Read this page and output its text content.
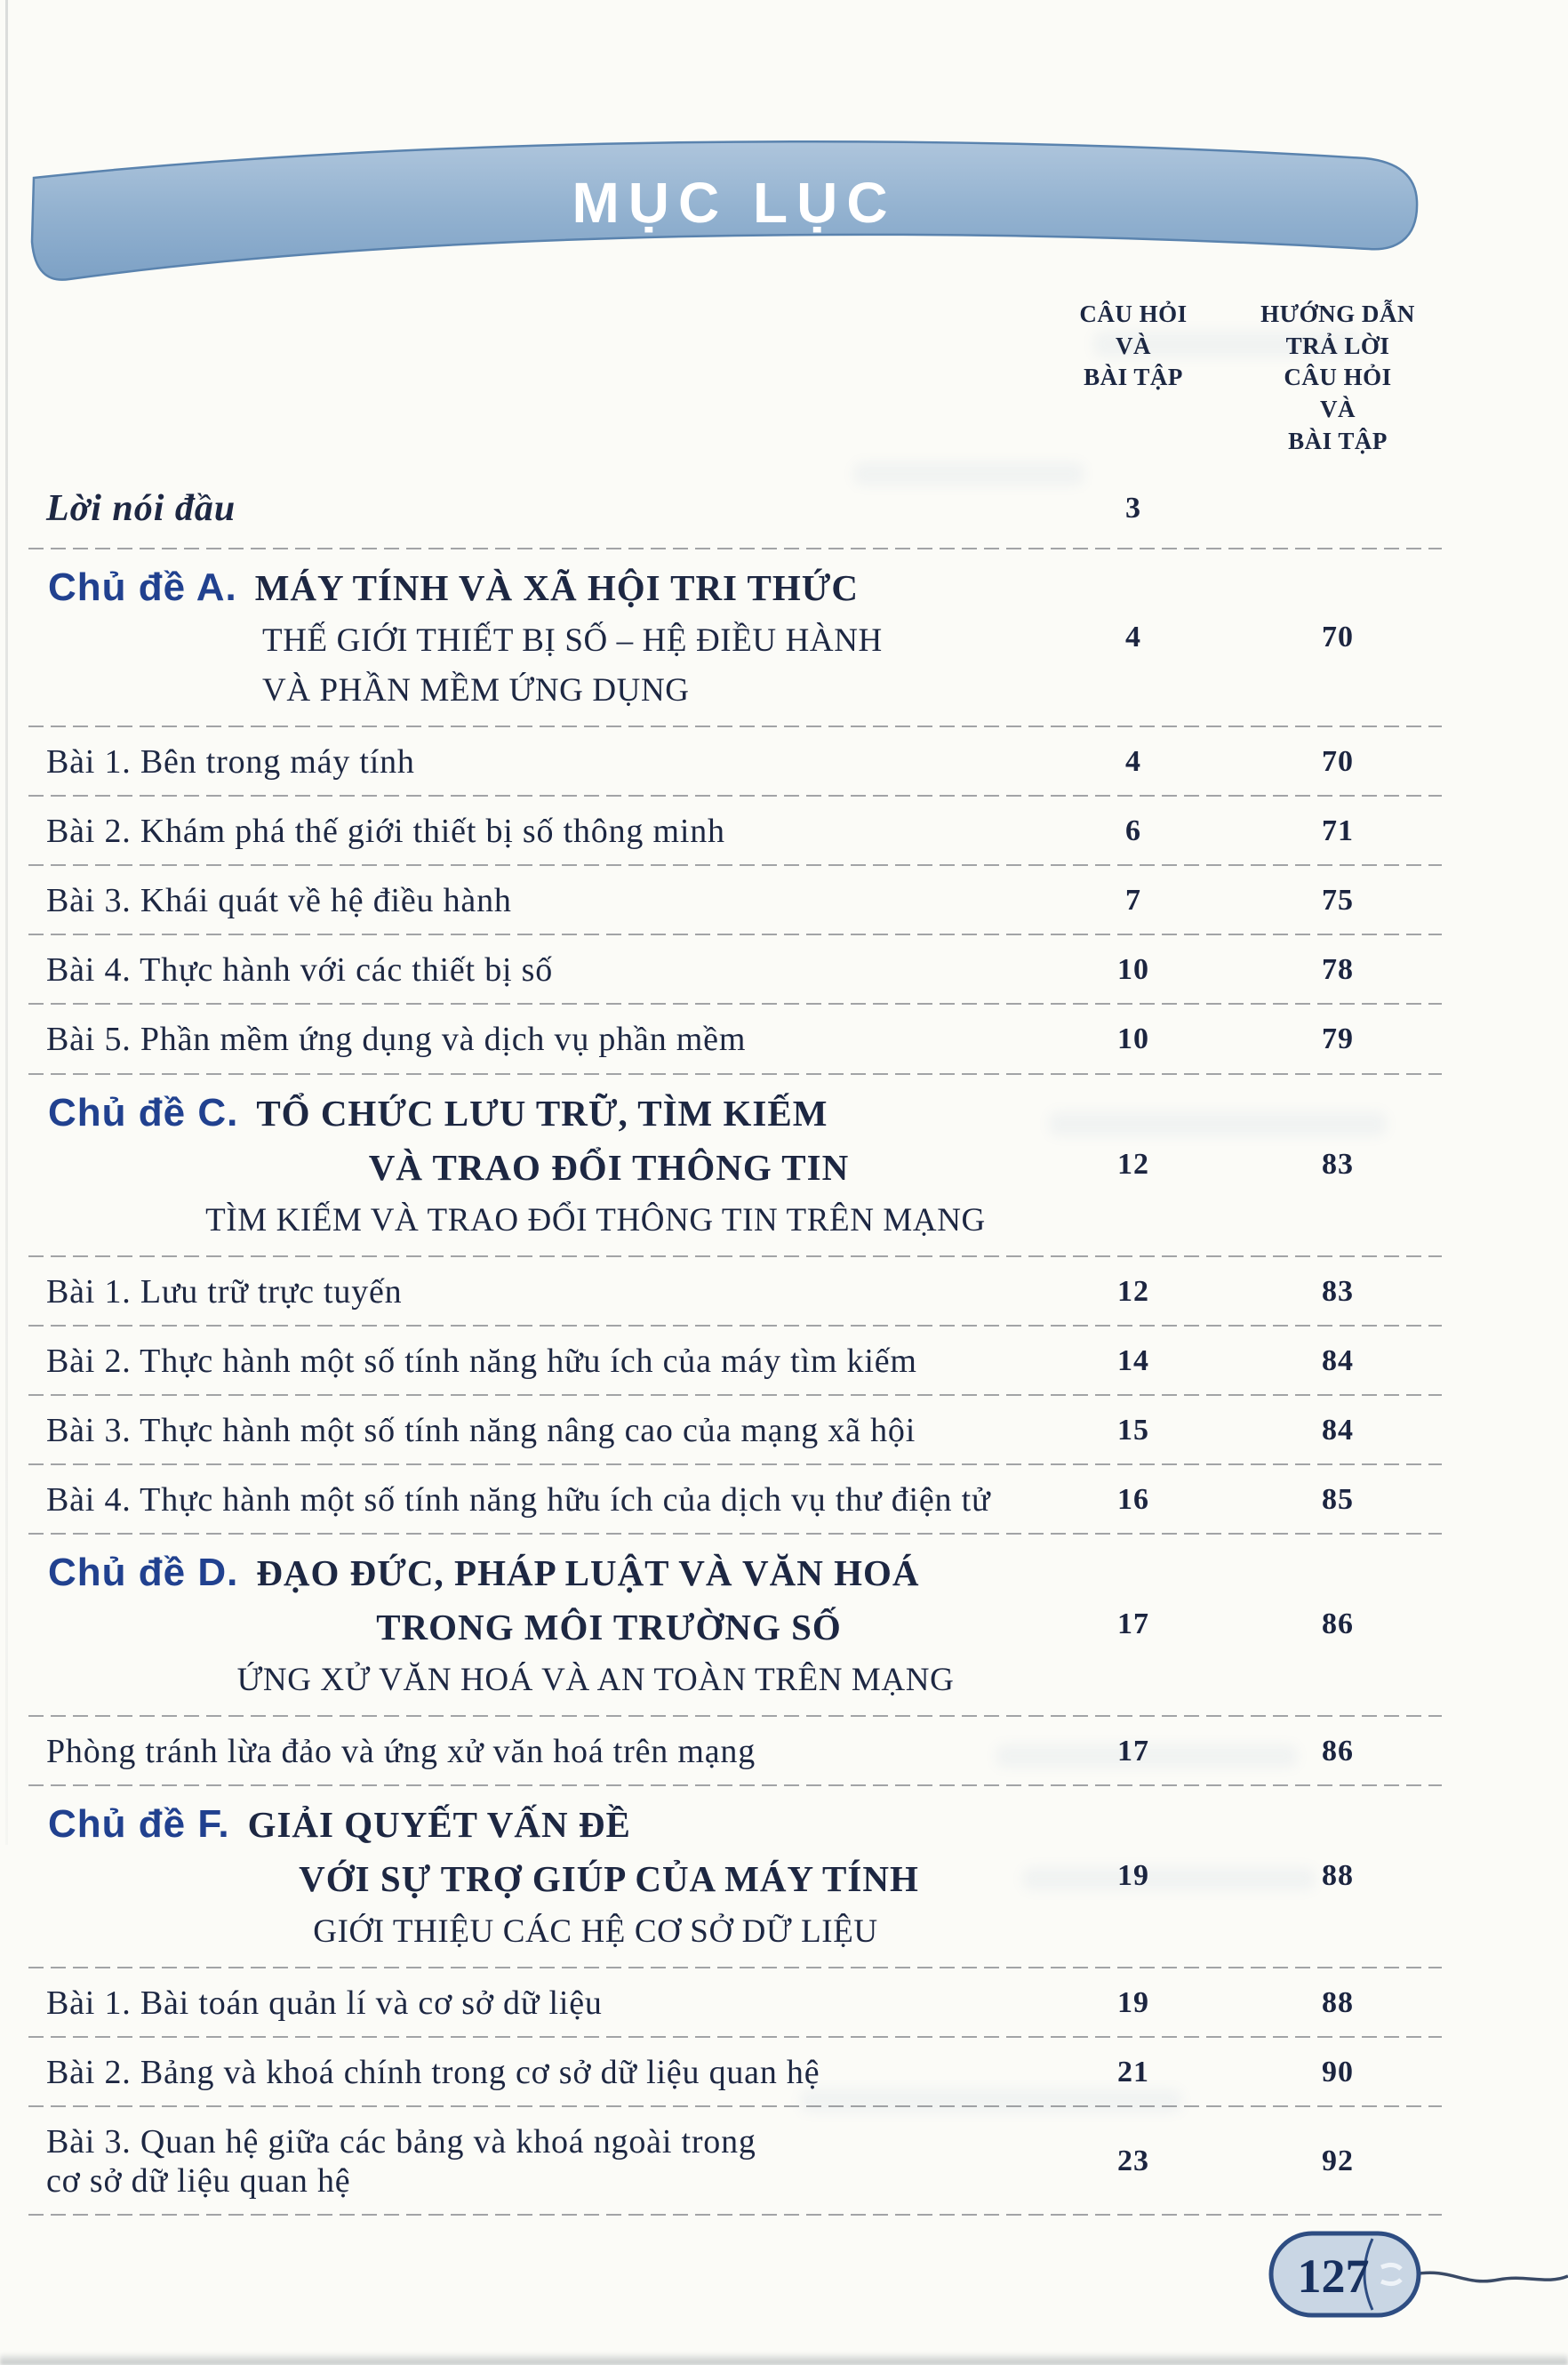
MỤC LỤC
CÂU HỎI
VÀ
BÀI TẬP
HƯỚNG DẪN
TRẢ LỜI
CÂU HỎI
VÀ
BÀI TẬP
Lời nói đầu	3
Chủ đề A. MÁY TÍNH VÀ XÃ HỘI TRI THỨC
THẾ GIỚI THIẾT BỊ SỐ – HỆ ĐIỀU HÀNH
VÀ PHẦN MỀM ỨNG DỤNG
4	70
Bài 1. Bên trong máy tính	4	70
Bài 2. Khám phá thế giới thiết bị số thông minh	6	71
Bài 3. Khái quát về hệ điều hành	7	75
Bài 4. Thực hành với các thiết bị số	10	78
Bài 5. Phần mềm ứng dụng và dịch vụ phần mềm	10	79
Chủ đề C. TỔ CHỨC LƯU TRỮ, TÌM KIẾM
VÀ TRAO ĐỔI THÔNG TIN
TÌM KIẾM VÀ TRAO ĐỔI THÔNG TIN TRÊN MẠNG
12	83
Bài 1. Lưu trữ trực tuyến	12	83
Bài 2. Thực hành một số tính năng hữu ích của máy tìm kiếm	14	84
Bài 3. Thực hành một số tính năng nâng cao của mạng xã hội	15	84
Bài 4. Thực hành một số tính năng hữu ích của dịch vụ thư điện tử	16	85
Chủ đề D. ĐẠO ĐỨC, PHÁP LUẬT VÀ VĂN HOÁ
TRONG MÔI TRƯỜNG SỐ
ỨNG XỬ VĂN HOÁ VÀ AN TOÀN TRÊN MẠNG
17	86
Phòng tránh lừa đảo và ứng xử văn hoá trên mạng	17	86
Chủ đề F. GIẢI QUYẾT VẤN ĐỀ
VỚI SỰ TRỢ GIÚP CỦA MÁY TÍNH
GIỚI THIỆU CÁC HỆ CƠ SỞ DỮ LIỆU
19	88
Bài 1. Bài toán quản lí và cơ sở dữ liệu	19	88
Bài 2. Bảng và khoá chính trong cơ sở dữ liệu quan hệ	21	90
Bài 3. Quan hệ giữa các bảng và khoá ngoài trong
cơ sở dữ liệu quan hệ
23	92
127
